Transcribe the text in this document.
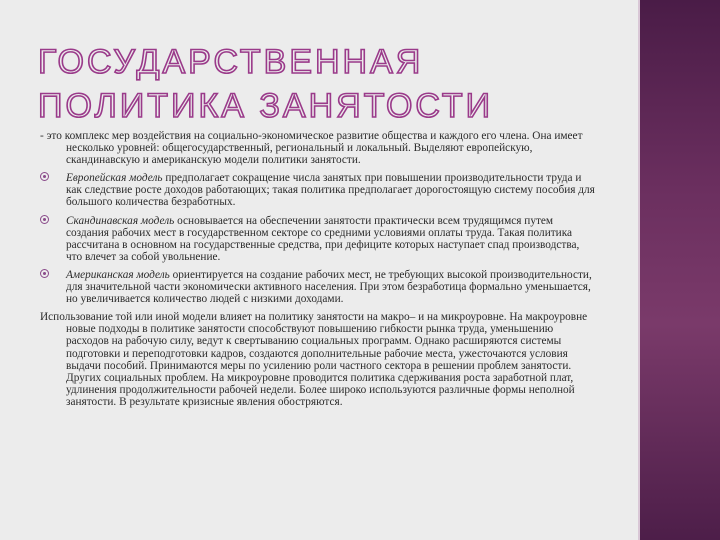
ГОСУДАРСТВЕННАЯ ПОЛИТИКА ЗАНЯТОСТИ

- это комплекс мер воздействия на социально-экономическое развитие общества и каждого его члена. Она имеет несколько уровней: общегосударственный, региональный и локальный. Выделяют европейскую, скандинавскую и американскую модели политики занятости.

Европейская модель предполагает сокращение числа занятых при повышении производительности труда и как следствие росте доходов работающих; такая политика предполагает дорогостоящую систему пособия для большого количества безработных.

Скандинавская модель основывается на обеспечении занятости практически всем трудящимся путем создания рабочих мест в государственном секторе со средними условиями оплаты труда. Такая политика рассчитана в основном на государственные средства, при дефиците которых наступает спад производства, что влечет за собой увольнение.

Американская модель ориентируется на создание рабочих мест, не требующих высокой производительности, для значительной части экономически активного населения. При этом безработица формально уменьшается, но увеличивается количество людей с низкими доходами.

Использование той или иной модели влияет на политику занятости на макро– и на микроуровне. На макроуровне новые подходы в политике занятости способствуют повышению гибкости рынка труда, уменьшению расходов на рабочую силу, ведут к свертыванию социальных программ. Однако расширяются системы подготовки и переподготовки кадров, создаются дополнительные рабочие места, ужесточаются условия выдачи пособий. Принимаются меры по усилению роли частного сектора в решении проблем занятости. Других социальных проблем. На микроуровне проводится политика сдерживания роста заработной плат, удлинения продолжительности рабочей недели. Более широко используются различные формы неполной занятости. В результате кризисные явления обостряются.
